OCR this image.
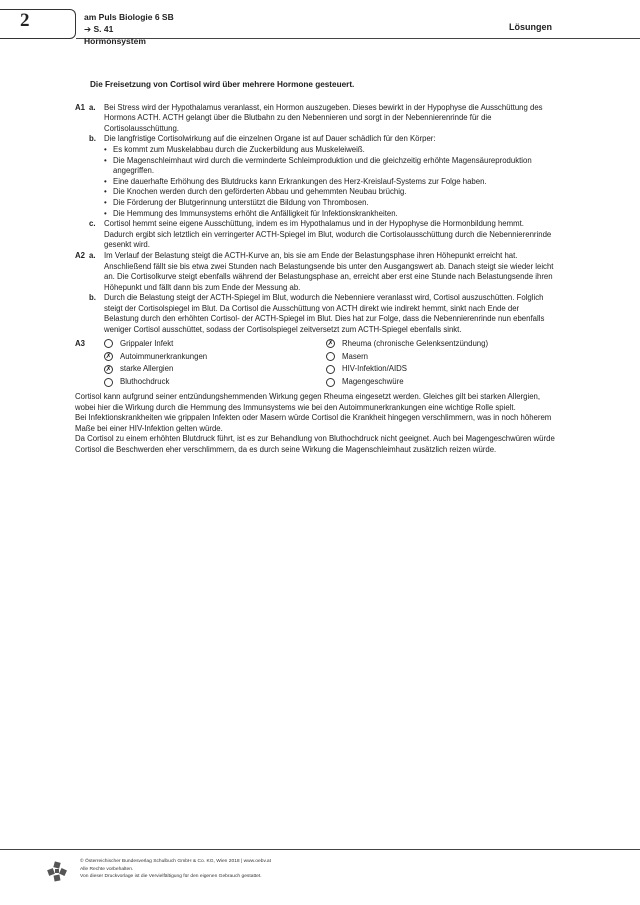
2	am Puls Biologie 6 SB
➔ S. 41
Hormonsystem
Lösungen
Die Freisetzung von Cortisol wird über mehrere Hormone gesteuert.
A1 a. Bei Stress wird der Hypothalamus veranlasst, ein Hormon auszugeben. Dieses bewirkt in der Hypophyse die Ausschüttung des Hormons ACTH. ACTH gelangt über die Blutbahn zu den Nebennieren und sorgt in der Nebennierenrinde für die Cortisolausschüttung.

b. Die langfristige Cortisolwirkung auf die einzelnen Organe ist auf Dauer schädlich für den Körper:

• Es kommt zum Muskelabbau durch die Zuckerbildung aus Muskeleiweiß.
• Die Magenschleimhaut wird durch die verminderte Schleimproduktion und die gleichzeitig erhöhte Magensäureproduktion angegriffen.
• Eine dauerhafte Erhöhung des Blutdrucks kann Erkrankungen des Herz-Kreislauf-Systems zur Folge haben.
• Die Knochen werden durch den geförderten Abbau und gehemmten Neubau brüchig.
• Die Förderung der Blutgerinnung unterstützt die Bildung von Thrombosen.
• Die Hemmung des Immunsystems erhöht die Anfälligkeit für Infektionskrankheiten.
c. Cortisol hemmt seine eigene Ausschüttung, indem es im Hypothalamus und in der Hypophyse die Hormonbildung hemmt. Dadurch ergibt sich letztlich ein verringerter ACTH-Spiegel im Blut, wodurch die Cortisolausschüttung durch die Nebennierenrinde gesenkt wird.

A2 a. Im Verlauf der Belastung steigt die ACTH-Kurve an, bis sie am Ende der Belastungsphase ihren Höhepunkt erreicht hat. Anschließend fällt sie bis etwa zwei Stunden nach Belastungsende bis unter den Ausgangswert ab. Danach steigt sie wieder leicht an. Die Cortisolkurve steigt ebenfalls während der Belastungsphase an, erreicht aber erst eine Stunde nach Belastungsende ihren Höhepunkt und fällt dann bis zum Ende der Messung ab.

b. Durch die Belastung steigt der ACTH-Spiegel im Blut, wodurch die Nebenniere veranlasst wird, Cortisol auszuschütten. Folglich steigt der Cortisolspiegel im Blut. Da Cortisol die Ausschüttung von ACTH direkt wie indirekt hemmt, sinkt nach Ende der Belastung durch den erhöhten Cortisol- der ACTH-Spiegel im Blut. Dies hat zur Folge, dass die Nebennierenrinde nun ebenfalls weniger Cortisol ausschüttet, sodass der Cortisolspiegel zeitversetzt zum ACTH-Spiegel ebenfalls sinkt.

A3	Grippaler Infekt	✗ Rheuma (chronische Gelenksentzündung)
✗ Autoimmunerkrankungen	Masern
✗ starke Allergien	HIV-Infektion/AIDS
Bluthochdruck	Magengeschwüre

Cortisol kann aufgrund seiner entzündungshemmenden Wirkung gegen Rheuma eingesetzt werden. Gleiches gilt bei starken Allergien, wobei hier die Wirkung durch die Hemmung des Immunsystems wie bei den Autoimmunerkrankungen eine wichtige Rolle spielt.

Bei Infektionskrankheiten wie grippalen Infekten oder Masern würde Cortisol die Krankheit hingegen verschlimmern, was in noch höherem Maße bei einer HIV-Infektion gelten würde.

Da Cortisol zu einem erhöhten Blutdruck führt, ist es zur Behandlung von Bluthochdruck nicht geeignet. Auch bei Magengeschwüren würde Cortisol die Beschwerden eher verschlimmern, da es durch seine Wirkung die Magenschleimhaut zusätzlich reizen würde.

© Österreichischer Bundesverlag Schulbuch GmbH & Co. KG, Wien 2018 | www.oebv.at
Alle Rechte vorbehalten.
Von dieser Druckvorlage ist die Vervielfältigung für den eigenen Gebrauch gestattet.
